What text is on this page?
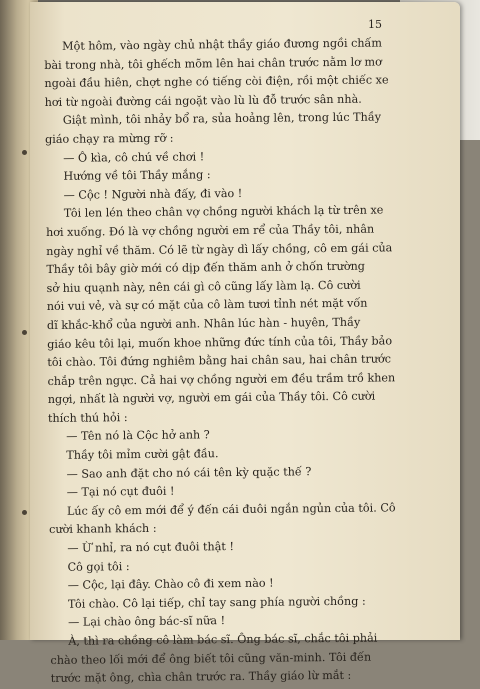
15
Một hôm, vào ngày chủ nhật thầy giáo đương ngồi chấm
bài trong nhà, tôi ghếch mõm lên hai chân trước nằm lơ mơ
ngoài đầu hiên, chợt nghe có tiếng còi điện, rồi một chiếc xe
hơi từ ngoài đường cái ngoặt vào lù lù đỗ trước sân nhà.
Giật mình, tôi nhảy bổ ra, sủa hoảng lên, trong lúc Thầy
giáo chạy ra mừng rỡ :
— Ô kìa, cô chú về chơi !
Hướng về tôi Thầy mắng :
— Cộc ! Người nhà đấy, đi vào !
Tôi len lén theo chân vợ chồng người khách lạ từ trên xe
hơi xuống. Đó là vợ chồng người em rể của Thầy tôi, nhân
ngày nghỉ về thăm. Có lẽ từ ngày dì lấy chồng, cô em gái của
Thầy tôi bây giờ mới có dịp đến thăm anh ở chốn trường
sở hiu quạnh này, nên cái gì cô cũng lấy làm lạ. Cô cười
nói vui vẻ, và sự có mặt của cô làm tươi tỉnh nét mặt vốn
dĩ khắc-khổ của người anh. Nhân lúc hàn - huyên, Thầy
giáo kêu tôi lại, muốn khoe những đức tính của tôi, Thầy bảo
tôi chào. Tôi đứng nghiêm bằng hai chân sau, hai chân trước
chắp trên ngực. Cả hai vợ chồng người em đều trầm trồ khen
ngợi, nhất là người vợ, người em gái của Thầy tôi. Cô cười
thích thú hỏi :
— Tên nó là Cộc hở anh ?
Thầy tôi mỉm cười gật đầu.
— Sao anh đặt cho nó cái tên kỳ quặc thế ?
— Tại nó cụt đuôi !
Lúc ấy cô em mới để ý đến cái đuôi ngắn ngủn của tôi. Cô
cười khanh khách :
— Ừ nhỉ, ra nó cụt đuôi thật !
Cô gọi tôi :
— Cộc, lại đây. Chào cô đi xem nào !
Tôi chào. Cô lại tiếp, chỉ tay sang phía người chồng :
— Lại chào ông bác-sĩ nữa !
À, thì ra chồng cô làm bác sĩ. Ông bác sĩ, chắc tôi phải
chào theo lối mới để ông biết tôi cũng văn-minh. Tôi đến
trước mặt ông, chìa chân trước ra. Thầy giáo lừ mắt :
